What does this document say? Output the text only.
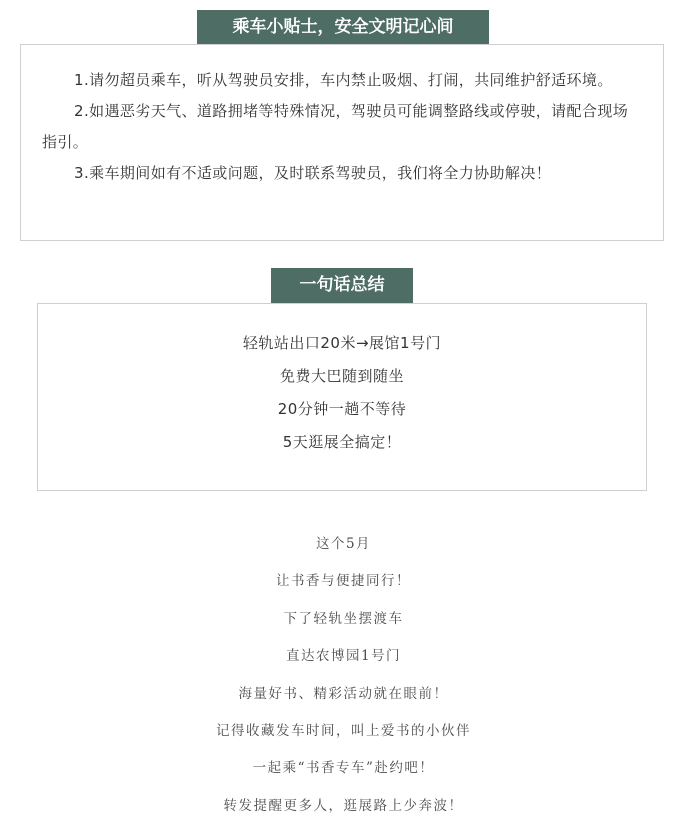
乘车小贴士，安全文明记心间

1.请勿超员乘车，听从驾驶员安排，车内禁止吸烟、打闹，共同维护舒适环境。

2.如遇恶劣天气、道路拥堵等特殊情况，驾驶员可能调整路线或停驶，请配合现场指引。

3.乘车期间如有不适或问题，及时联系驾驶员，我们将全力协助解决！

一句话总结
轻轨站出口20米→展馆1号门
免费大巴随到随坐
20分钟一趟不等待
5天逛展全搞定！
这个5月
让书香与便捷同行！
下了轻轨坐摆渡车
直达农博园1号门
海量好书、精彩活动就在眼前！
记得收藏发车时间，叫上爱书的小伙伴
一起乘“书香专车”赴约吧！
转发提醒更多人，逛展路上少奔波！
